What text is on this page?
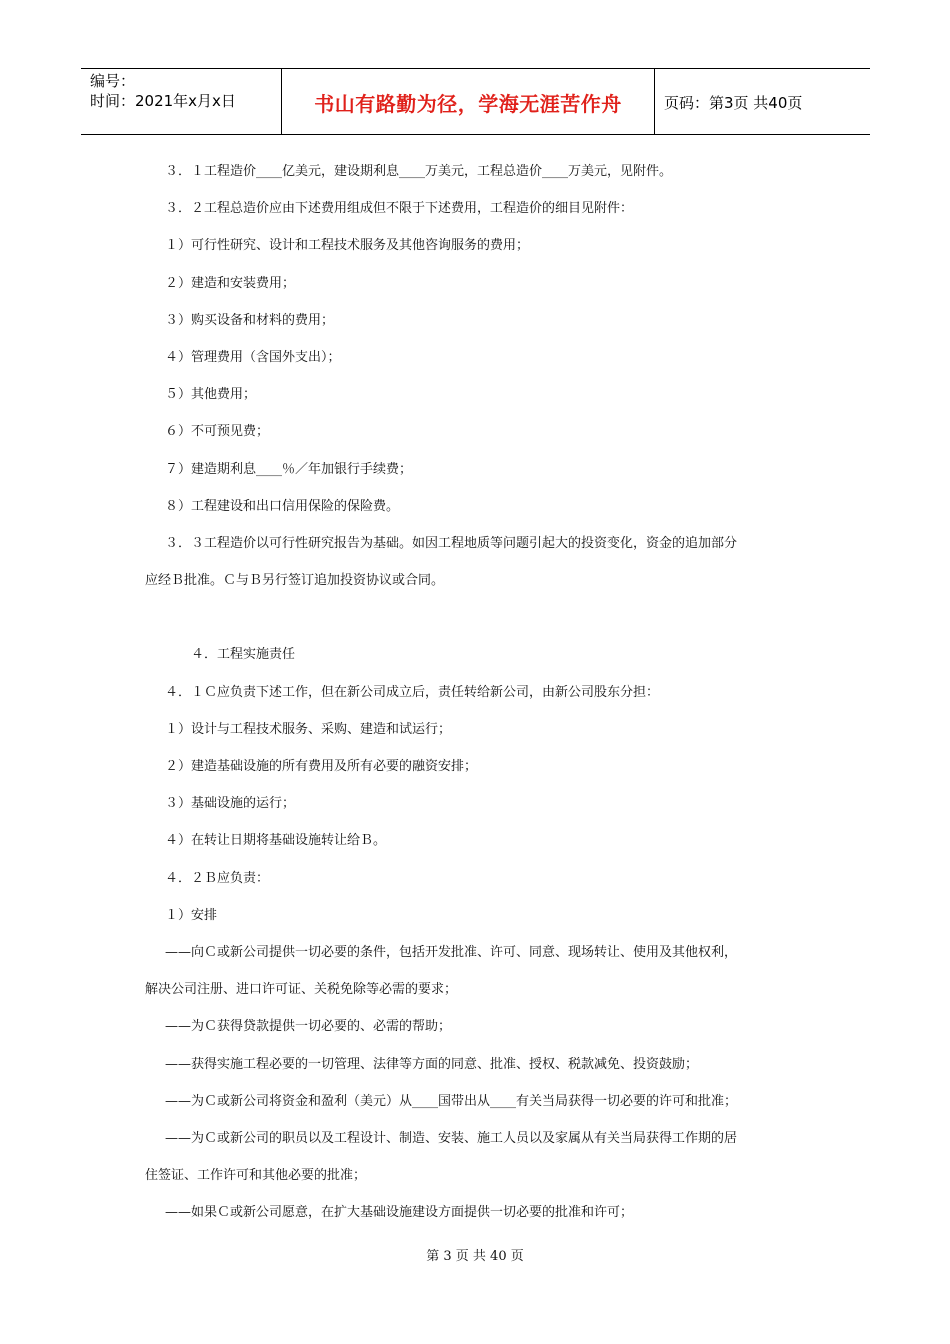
编号：
时间：2021年x月x日	书山有路勤为径，学海无涯苦作舟	页码：第3页 共40页

３．１工程造价____亿美元，建设期利息____万美元，工程总造价____万美元，见附件。

３．２工程总造价应由下述费用组成但不限于下述费用，工程造价的细目见附件：

１）可行性研究、设计和工程技术服务及其他咨询服务的费用；

２）建造和安装费用；

３）购买设备和材料的费用；

４）管理费用（含国外支出）；

５）其他费用；

６）不可预见费；

７）建造期利息____％／年加银行手续费；

８）工程建设和出口信用保险的保险费。

３．３工程造价以可行性研究报告为基础。如因工程地质等问题引起大的投资变化，资金的追加部分

应经Ｂ批准。Ｃ与Ｂ另行签订追加投资协议或合同。

４．工程实施责任

４．１Ｃ应负责下述工作，但在新公司成立后，责任转给新公司，由新公司股东分担：

１）设计与工程技术服务、采购、建造和试运行；

２）建造基础设施的所有费用及所有必要的融资安排；

３）基础设施的运行；

４）在转让日期将基础设施转让给Ｂ。

４．２Ｂ应负责：

１）安排

——向Ｃ或新公司提供一切必要的条件，包括开发批准、许可、同意、现场转让、使用及其他权利，

解决公司注册、进口许可证、关税免除等必需的要求；

——为Ｃ获得贷款提供一切必要的、必需的帮助；

——获得实施工程必要的一切管理、法律等方面的同意、批准、授权、税款减免、投资鼓励；

——为Ｃ或新公司将资金和盈利（美元）从____国带出从____有关当局获得一切必要的许可和批准；

——为Ｃ或新公司的职员以及工程设计、制造、安装、施工人员以及家属从有关当局获得工作期的居

住签证、工作许可和其他必要的批准；

——如果Ｃ或新公司愿意，在扩大基础设施建设方面提供一切必要的批准和许可；

第 3 页 共 40 页
